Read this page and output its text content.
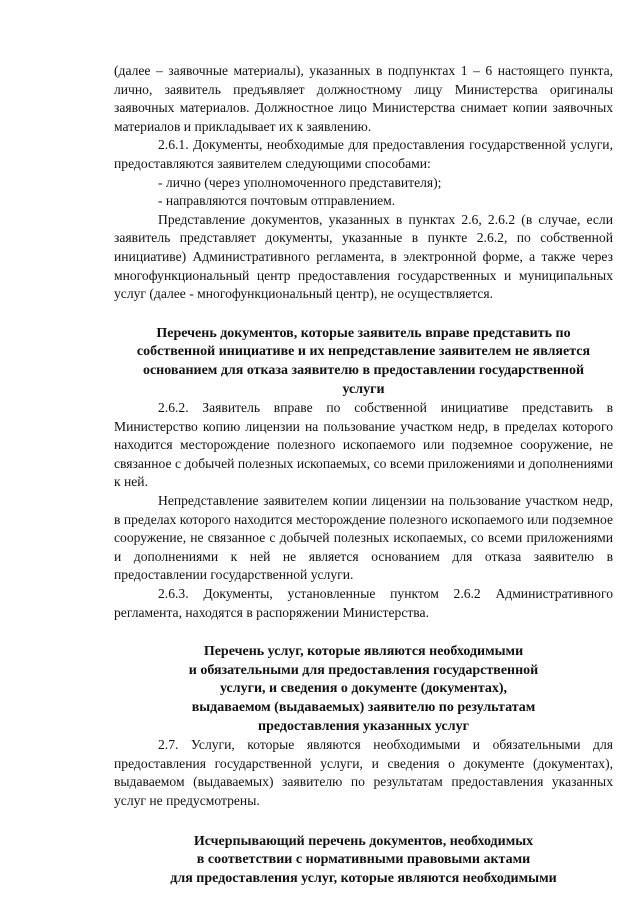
(далее – заявочные материалы), указанных в подпунктах 1 – 6 настоящего пункта, лично, заявитель предъявляет должностному лицу Министерства оригиналы заявочных материалов. Должностное лицо Министерства снимает копии заявочных материалов и прикладывает их к заявлению.

2.6.1. Документы, необходимые для предоставления государственной услуги, предоставляются заявителем следующими способами:

- лично (через уполномоченного представителя);

- направляются почтовым отправлением.

Представление документов, указанных в пунктах 2.6, 2.6.2 (в случае, если заявитель представляет документы, указанные в пункте 2.6.2, по собственной инициативе) Административного регламента, в электронной форме, а также через многофункциональный центр предоставления государственных и муниципальных услуг (далее - многофункциональный центр), не осуществляется.

Перечень документов, которые заявитель вправе представить по
собственной инициативе и их непредставление заявителем не является
основанием для отказа заявителю в предоставлении государственной
услуги

2.6.2. Заявитель вправе по собственной инициативе представить в Министерство копию лицензии на пользование участком недр, в пределах которого находится месторождение полезного ископаемого или подземное сооружение, не связанное с добычей полезных ископаемых, со всеми приложениями и дополнениями к ней.

Непредставление заявителем копии лицензии на пользование участком недр, в пределах которого находится месторождение полезного ископаемого или подземное сооружение, не связанное с добычей полезных ископаемых, со всеми приложениями и дополнениями к ней не является основанием для отказа заявителю в предоставлении государственной услуги.

2.6.3. Документы, установленные пунктом 2.6.2 Административного регламента, находятся в распоряжении Министерства.

Перечень услуг, которые являются необходимыми
и обязательными для предоставления государственной
услуги, и сведения о документе (документах),
выдаваемом (выдаваемых) заявителю по результатам
предоставления указанных услуг

2.7. Услуги, которые являются необходимыми и обязательными для предоставления государственной услуги, и сведения о документе (документах), выдаваемом (выдаваемых) заявителю по результатам предоставления указанных услуг не предусмотрены.

Исчерпывающий перечень документов, необходимых
в соответствии с нормативными правовыми актами
для предоставления услуг, которые являются необходимыми
